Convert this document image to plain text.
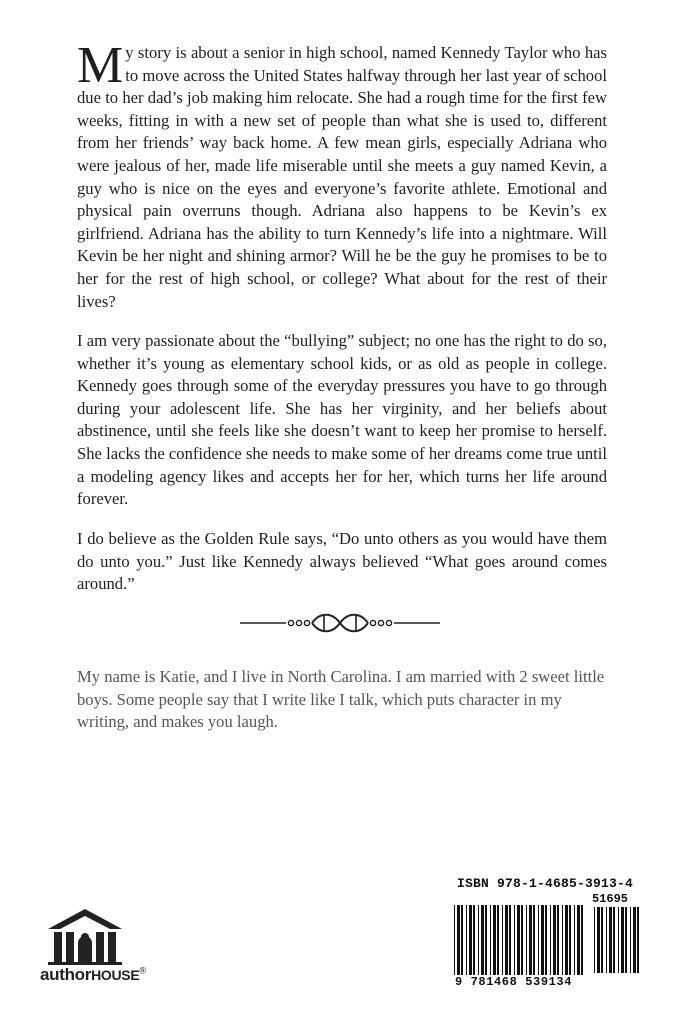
My story is about a senior in high school, named Kennedy Taylor who has to move across the United States halfway through her last year of school due to her dad’s job making him relocate. She had a rough time for the first few weeks, fitting in with a new set of people than what she is used to, different from her friends’ way back home. A few mean girls, especially Adriana who were jealous of her, made life miserable until she meets a guy named Kevin, a guy who is nice on the eyes and everyone’s favorite athlete. Emotional and physical pain overruns though. Adriana also happens to be Kevin’s ex girlfriend. Adriana has the ability to turn Kennedy’s life into a nightmare. Will Kevin be her night and shining armor? Will he be the guy he promises to be to her for the rest of high school, or college? What about for the rest of their lives?
I am very passionate about the “bullying” subject; no one has the right to do so, whether it’s young as elementary school kids, or as old as people in college. Kennedy goes through some of the everyday pressures you have to go through during your adolescent life. She has her virginity, and her beliefs about abstinence, until she feels like she doesn’t want to keep her promise to herself. She lacks the confidence she needs to make some of her dreams come true until a modeling agency likes and accepts her for her, which turns her life around forever.
I do believe as the Golden Rule says, “Do unto others as you would have them do unto you.” Just like Kennedy always believed “What goes around comes around.”
My name is Katie, and I live in North Carolina. I am married with 2 sweet little boys. Some people say that I write like I talk, which puts character in my writing, and makes you laugh.
authorHOUSE®
ISBN 978-1-4685-3913-4
51695
9 781468 539134
